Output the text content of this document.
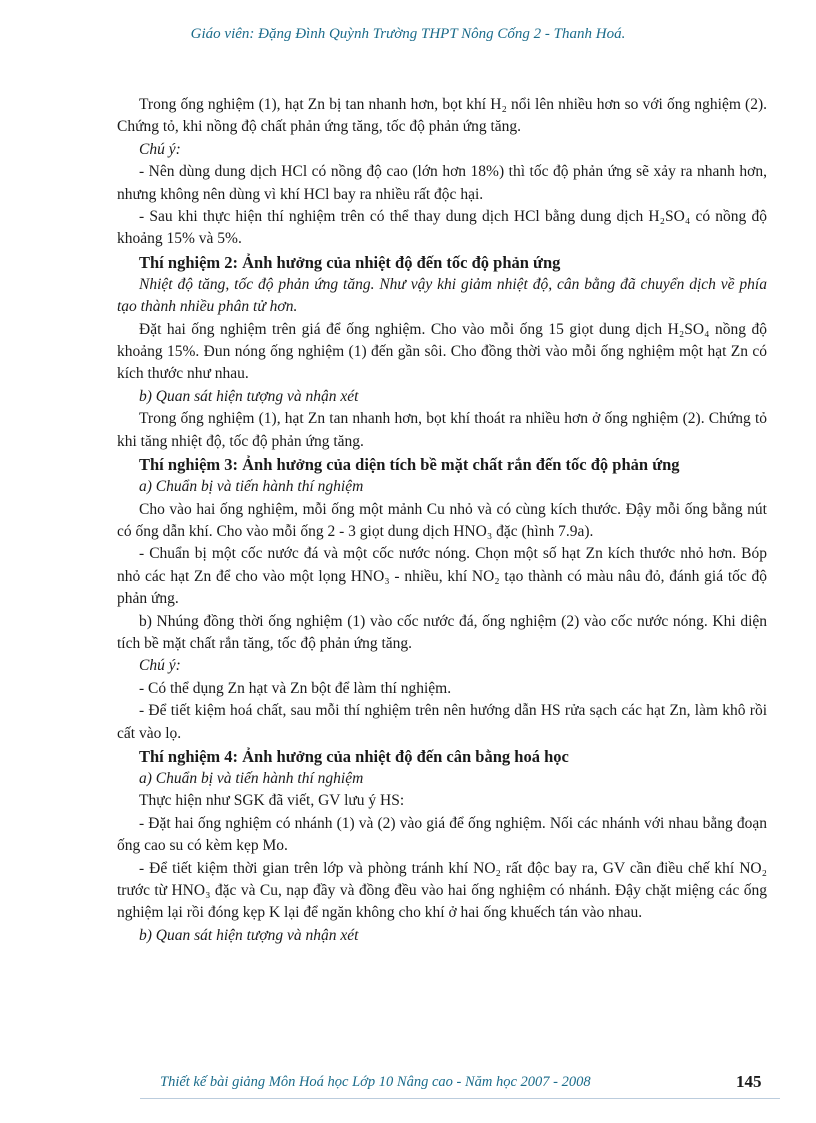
Giáo viên: Đặng Đình Quỳnh Trường THPT Nông Cống 2 - Thanh Hoá.

Trong ống nghiệm (1), hạt Zn bị tan nhanh hơn, bọt khí H₂ nổi lên nhiều hơn so với ống nghiệm (2). Chứng tỏ, khi nồng độ chất phản ứng tăng, tốc độ phản ứng tăng.

Chú ý:

- Nên dùng dung dịch HCl có nồng độ cao (lớn hơn 18%) thì tốc độ phản ứng sẽ xảy ra nhanh hơn, nhưng không nên dùng vì khí HCl bay ra nhiều rất độc hại.

- Sau khi thực hiện thí nghiệm trên có thể thay dung dịch HCl bằng dung dịch H₂SO₄ có nồng độ khoảng 15% và 5%.

Thí nghiệm 2: Ảnh hưởng của nhiệt độ đến tốc độ phản ứng

Nhiệt độ tăng, tốc độ phản ứng tăng. Như vậy khi giảm nhiệt độ, cân bằng đã chuyển dịch về phía tạo thành nhiều phân tử hơn.

Đặt hai ống nghiệm trên giá để ống nghiệm. Cho vào mỗi ống 15 giọt dung dịch H₂SO₄ nồng độ khoảng 15%. Đun nóng ống nghiệm (1) đến gần sôi. Cho đồng thời vào mỗi ống nghiệm một hạt Zn có kích thước như nhau.

b) Quan sát hiện tượng và nhận xét

Trong ống nghiệm (1), hạt Zn tan nhanh hơn, bọt khí thoát ra nhiều hơn ở ống nghiệm (2). Chứng tỏ khi tăng nhiệt độ, tốc độ phản ứng tăng.

Thí nghiệm 3: Ảnh hưởng của diện tích bề mặt chất rắn đến tốc độ phản ứng

a) Chuẩn bị và tiến hành thí nghiệm

Cho vào hai ống nghiệm, mỗi ống một mảnh Cu nhỏ và có cùng kích thước. Đậy mỗi ống bằng nút có ống dẫn khí. Cho vào mỗi ống 2 - 3 giọt dung dịch HNO₃ đặc (hình 7.9a).

- Chuẩn bị một cốc nước đá và một cốc nước nóng. Chọn một số hạt Zn kích thước nhỏ hơn. Bóp nhỏ các hạt Zn để cho vào một lọng HNO₃ - nhiều, khí NO₂ tạo thành có màu nâu đỏ, đánh giá tốc độ phản ứng.

b) Nhúng đồng thời ống nghiệm (1) vào cốc nước đá, ống nghiệm (2) vào cốc nước nóng. Khi diện tích bề mặt chất rắn tăng, tốc độ phản ứng tăng.

Chú ý:

- Có thể dụng Zn hạt và Zn bột để làm thí nghiệm.

- Để tiết kiệm hoá chất, sau mỗi thí nghiệm trên nên hướng dẫn HS rửa sạch các hạt Zn, làm khô rồi cất vào lọ.

Thí nghiệm 4: Ảnh hưởng của nhiệt độ đến cân bằng hoá học

a) Chuẩn bị và tiến hành thí nghiệm

Thực hiện như SGK đã viết, GV lưu ý HS:

- Đặt hai ống nghiệm có nhánh (1) và (2) vào giá để ống nghiệm. Nối các nhánh với nhau bằng đoạn ống cao su có kèm kẹp Mo.

- Để tiết kiệm thời gian trên lớp và phòng tránh khí NO₂ rất độc bay ra, GV cần điều chế khí NO₂ trước từ HNO₃ đặc và Cu, nạp đầy và đồng đều vào hai ống nghiệm có nhánh. Đậy chặt miệng các ống nghiệm lại rồi đóng kẹp K lại để ngăn không cho khí ở hai ống khuếch tán vào nhau.

b) Quan sát hiện tượng và nhận xét

Thiết kế bài giảng Môn Hoá học Lớp 10 Nâng cao - Năm học 2007 - 2008	145
